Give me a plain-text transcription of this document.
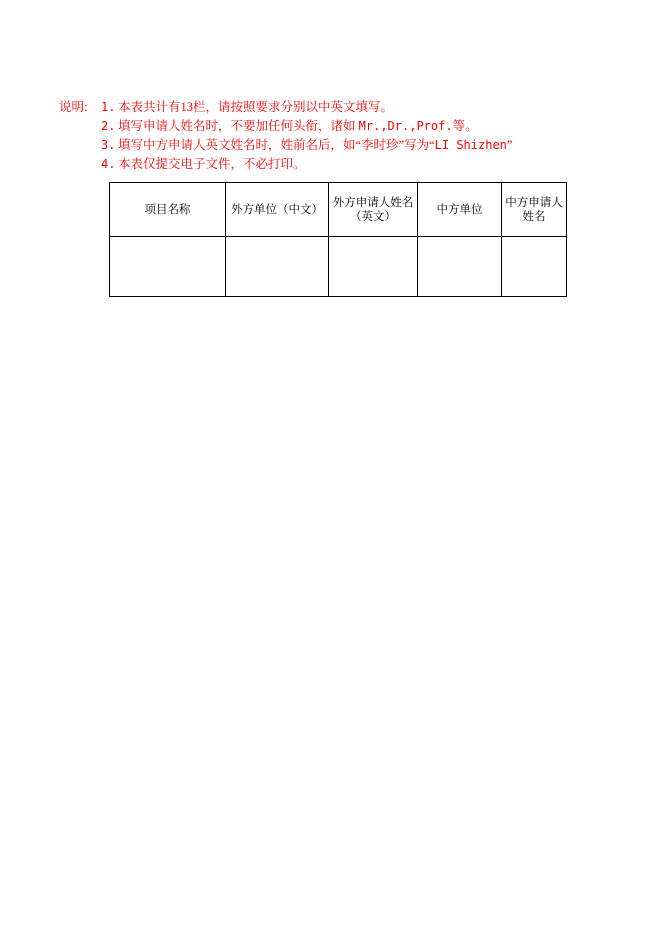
说明:	1. 本表共计有13栏，请按照要求分别以中英文填写。
2. 填写申请人姓名时，不要加任何头衔，诸如 Mr.,Dr.,Prof.等。
3. 填写中方申请人英文姓名时，姓前名后，如“李时珍”写为“LI Shizhen”
4. 本表仅提交电子文件，不必打印。
项目名称	外方单位（中文）	外方申请人姓名（英文）	中方单位	中方申请人姓名
